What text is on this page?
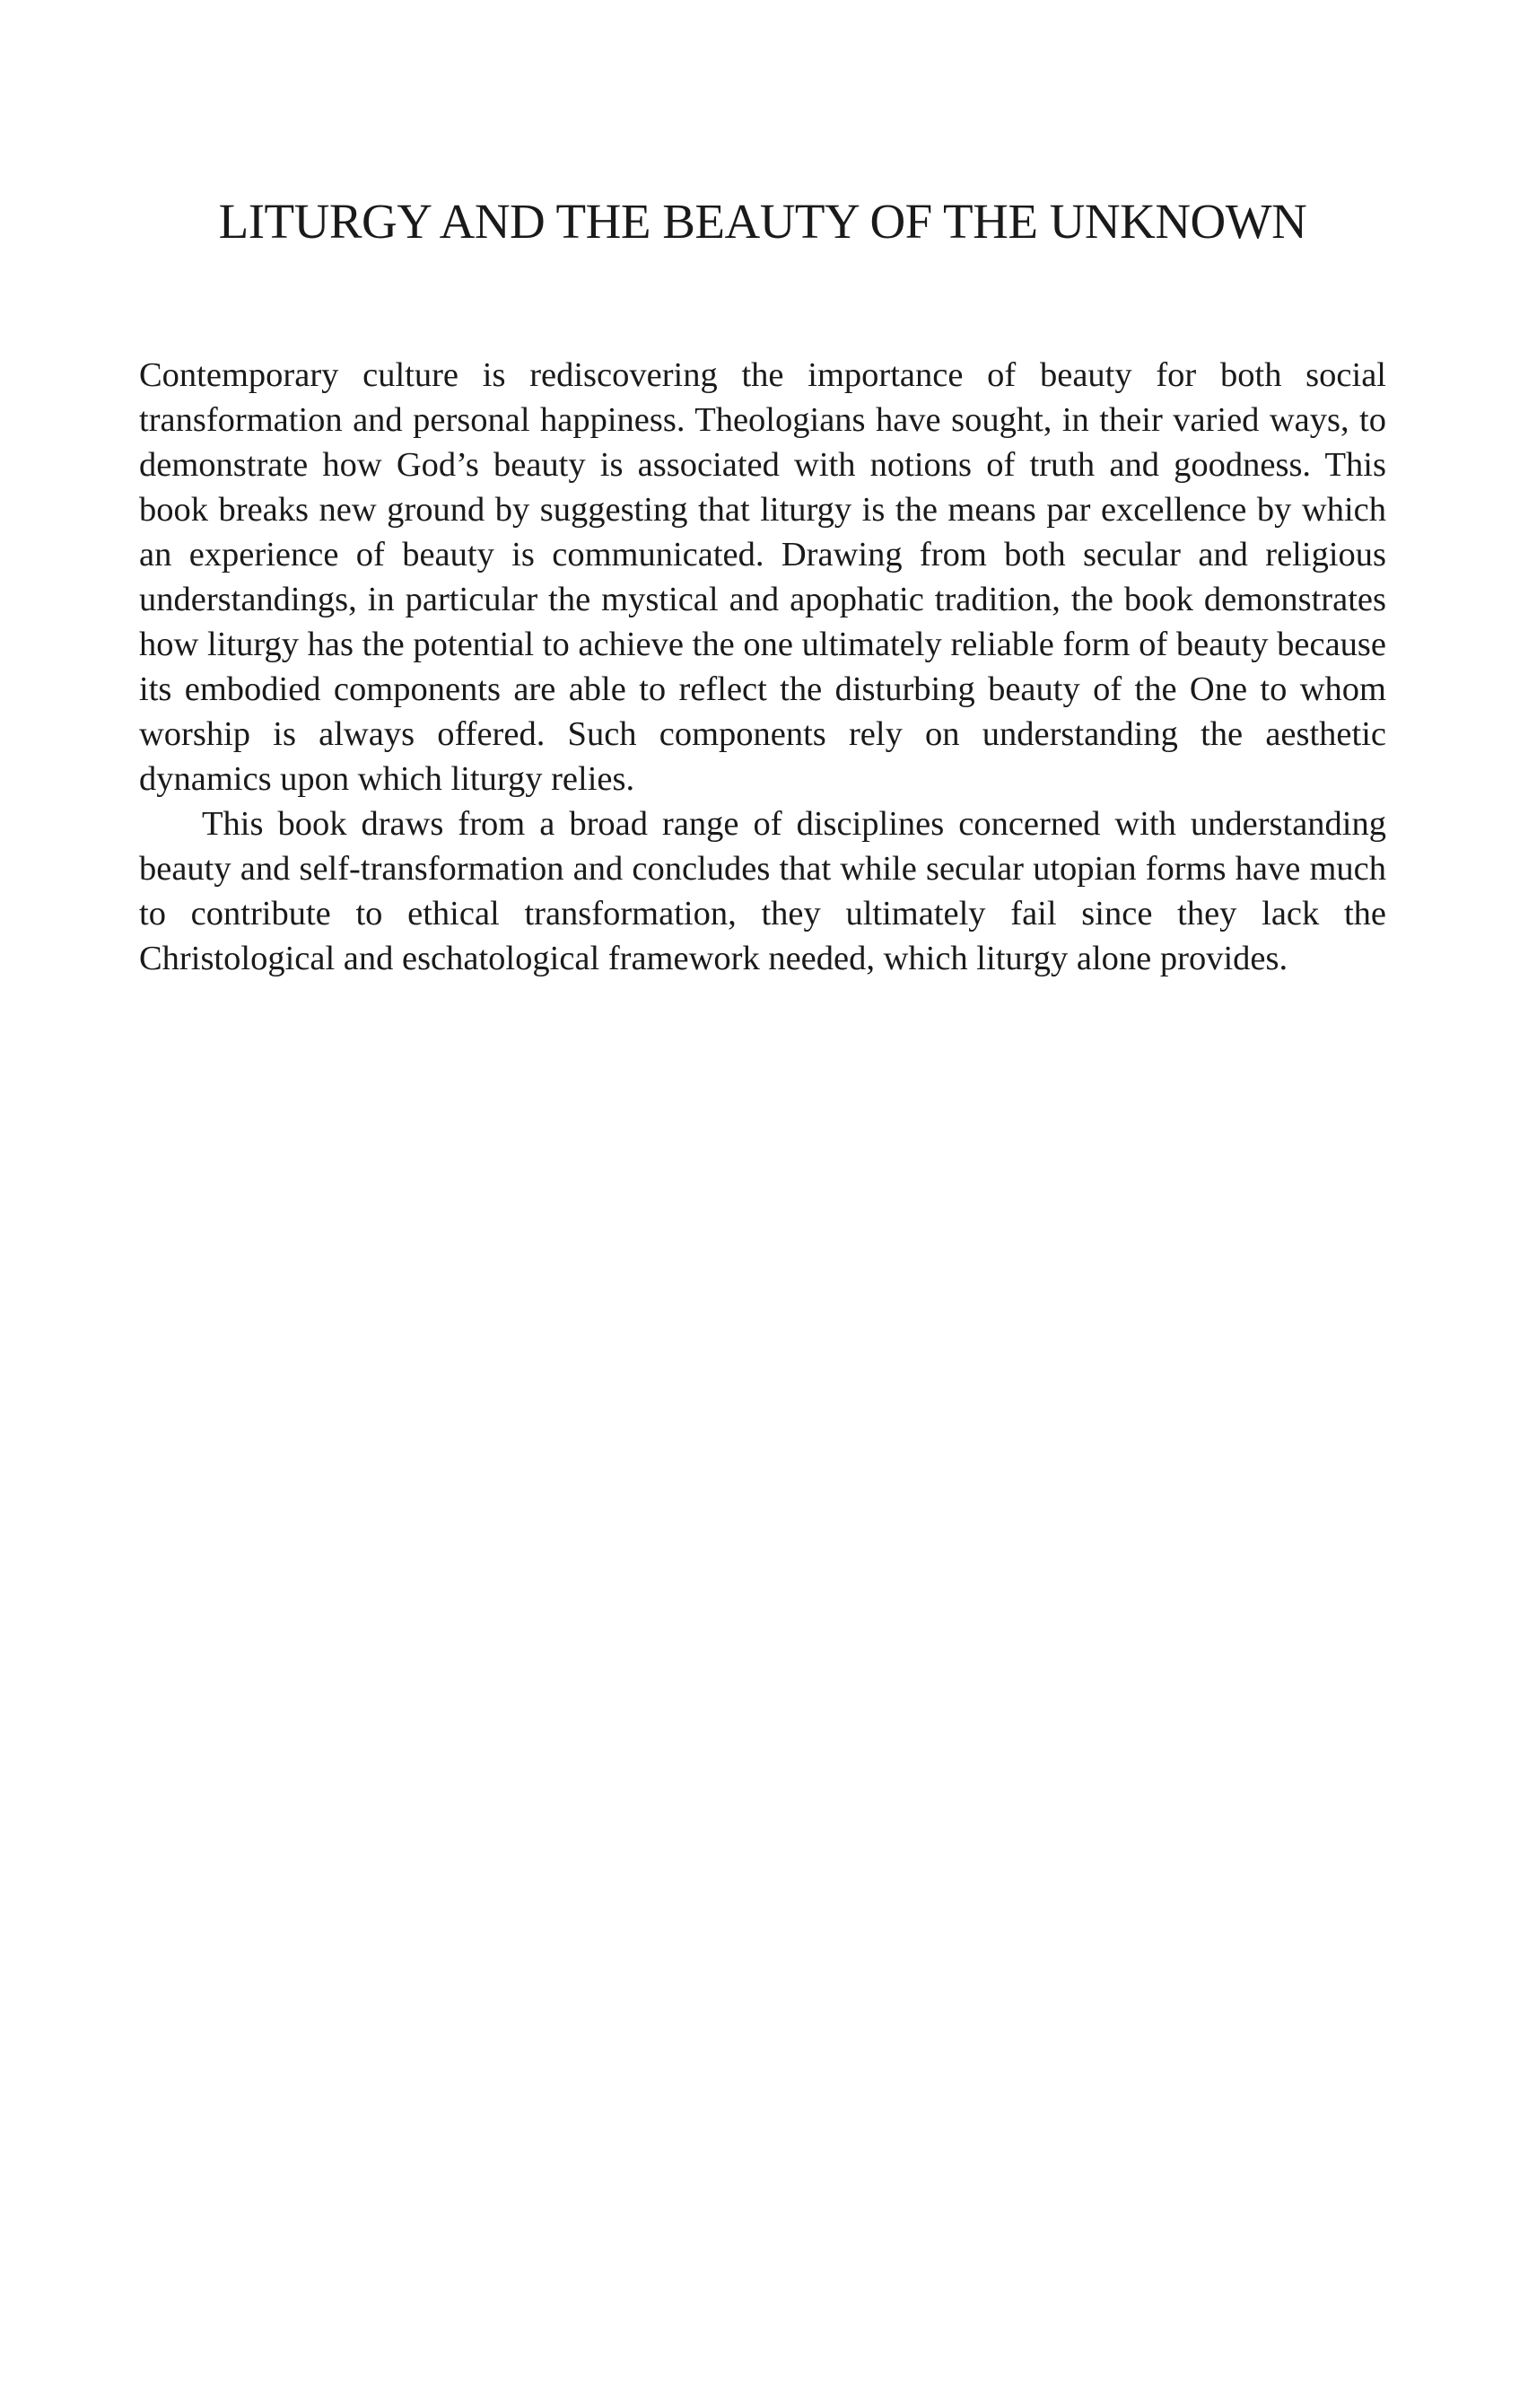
LITURGY AND THE BEAUTY OF THE UNKNOWN

Contemporary culture is rediscovering the importance of beauty for both social transformation and personal happiness. Theologians have sought, in their varied ways, to demonstrate how God’s beauty is associated with notions of truth and goodness. This book breaks new ground by suggesting that liturgy is the means par excellence by which an experience of beauty is communicated. Drawing from both secular and religious understandings, in particular the mystical and apophatic tradition, the book demonstrates how liturgy has the potential to achieve the one ultimately reliable form of beauty because its embodied components are able to reflect the disturbing beauty of the One to whom worship is always offered. Such components rely on understanding the aesthetic dynamics upon which liturgy relies.

This book draws from a broad range of disciplines concerned with understanding beauty and self-transformation and concludes that while secular utopian forms have much to contribute to ethical transformation, they ultimately fail since they lack the Christological and eschatological framework needed, which liturgy alone provides.
